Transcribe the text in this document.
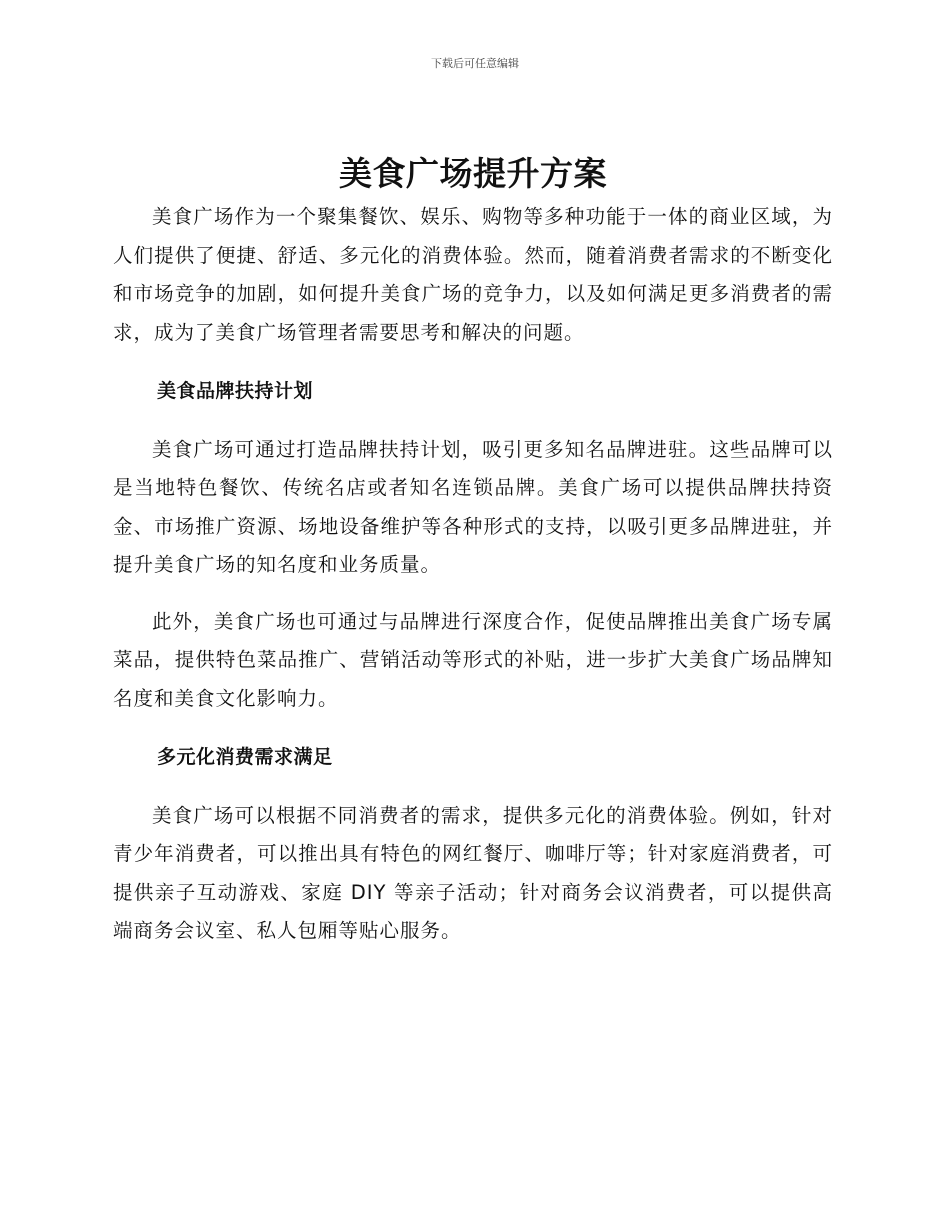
下载后可任意编辑
美食广场提升方案

美食广场作为一个聚集餐饮、娱乐、购物等多种功能于一体的商业区域，为人们提供了便捷、舒适、多元化的消费体验。然而，随着消费者需求的不断变化和市场竞争的加剧，如何提升美食广场的竞争力，以及如何满足更多消费者的需求，成为了美食广场管理者需要思考和解决的问题。

美食品牌扶持计划

美食广场可通过打造品牌扶持计划，吸引更多知名品牌进驻。这些品牌可以是当地特色餐饮、传统名店或者知名连锁品牌。美食广场可以提供品牌扶持资金、市场推广资源、场地设备维护等各种形式的支持，以吸引更多品牌进驻，并提升美食广场的知名度和业务质量。

此外，美食广场也可通过与品牌进行深度合作，促使品牌推出美食广场专属菜品，提供特色菜品推广、营销活动等形式的补贴，进一步扩大美食广场品牌知名度和美食文化影响力。

多元化消费需求满足

美食广场可以根据不同消费者的需求，提供多元化的消费体验。例如，针对青少年消费者，可以推出具有特色的网红餐厅、咖啡厅等；针对家庭消费者，可提供亲子互动游戏、家庭 DIY 等亲子活动；针对商务会议消费者，可以提供高端商务会议室、私人包厢等贴心服务。
